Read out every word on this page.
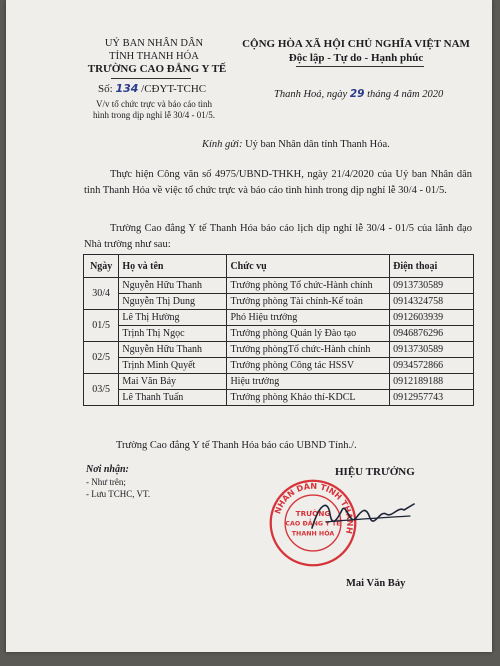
UỶ BAN NHÂN DÂN
TỈNH THANH HÓA
TRƯỜNG CAO ĐẲNG Y TẾ
CỘNG HÒA XÃ HỘI CHỦ NGHĨA VIỆT NAM
Độc lập - Tự do - Hạnh phúc
Số: 134 /CĐYT-TCHC
V/v tổ chức trực và báo cáo tình
hình trong dịp nghỉ lễ 30/4 - 01/5.
Thanh Hoá, ngày 29 tháng 4 năm 2020
Kính gửi: Uỷ ban Nhân dân tỉnh Thanh Hóa.
Thực hiện Công văn số 4975/UBND-THKH, ngày 21/4/2020 của Uỷ ban Nhân dân tỉnh Thanh Hóa về việc tổ chức trực và báo cáo tình hình trong dịp nghỉ lễ 30/4 - 01/5.
Trường Cao đẳng Y tế Thanh Hóa báo cáo lịch dịp nghỉ lễ 30/4 - 01/5 của lãnh đạo Nhà trường như sau:
Ngày	Họ và tên	Chức vụ	Điện thoại
30/4	Nguyễn Hữu Thanh	Trưởng phòng Tổ chức-Hành chính	0913730589
	Nguyễn Thị Dung	Trưởng phòng Tài chính-Kế toán	0914324758
01/5	Lê Thị Hường	Phó Hiệu trưởng	0912603939
	Trịnh Thị Ngọc	Trưởng phòng Quản lý Đào tạo	0946876296
02/5	Nguyễn Hữu Thanh	Trưởng phòngTổ chức-Hành chính	0913730589
	Trịnh Minh Quyết	Trưởng phòng Công tác HSSV	0934572866
03/5	Mai Văn Bảy	Hiệu trưởng	0912189188
	Lê Thanh Tuấn	Trưởng phòng Khảo thí-KDCL	0912957743
Trường Cao đẳng Y tế Thanh Hóa báo cáo UBND Tỉnh./.
Nơi nhận:
- Như trên;
- Lưu TCHC, VT.
HIỆU TRƯỞNG
NHÂN DÂN TỈNH THANH
TRƯỜNG
CAO ĐẲNG Y TẾ
THANH HÓA
Mai Văn Bảy
